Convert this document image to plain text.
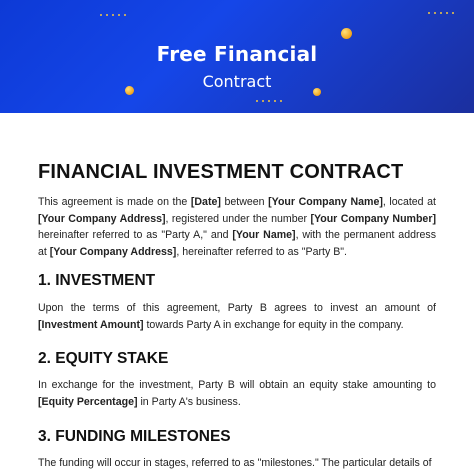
Free Financial
Contract
FINANCIAL INVESTMENT CONTRACT

This agreement is made on the [Date] between [Your Company Name], located at [Your Company Address], registered under the number [Your Company Number] hereinafter referred to as "Party A," and [Your Name], with the permanent address at [Your Company Address], hereinafter referred to as "Party B".

1. INVESTMENT

Upon the terms of this agreement, Party B agrees to invest an amount of [Investment Amount] towards Party A in exchange for equity in the company.

2. EQUITY STAKE

In exchange for the investment, Party B will obtain an equity stake amounting to [Equity Percentage] in Party A's business.

3. FUNDING MILESTONES

The funding will occur in stages, referred to as "milestones." The particular details of
